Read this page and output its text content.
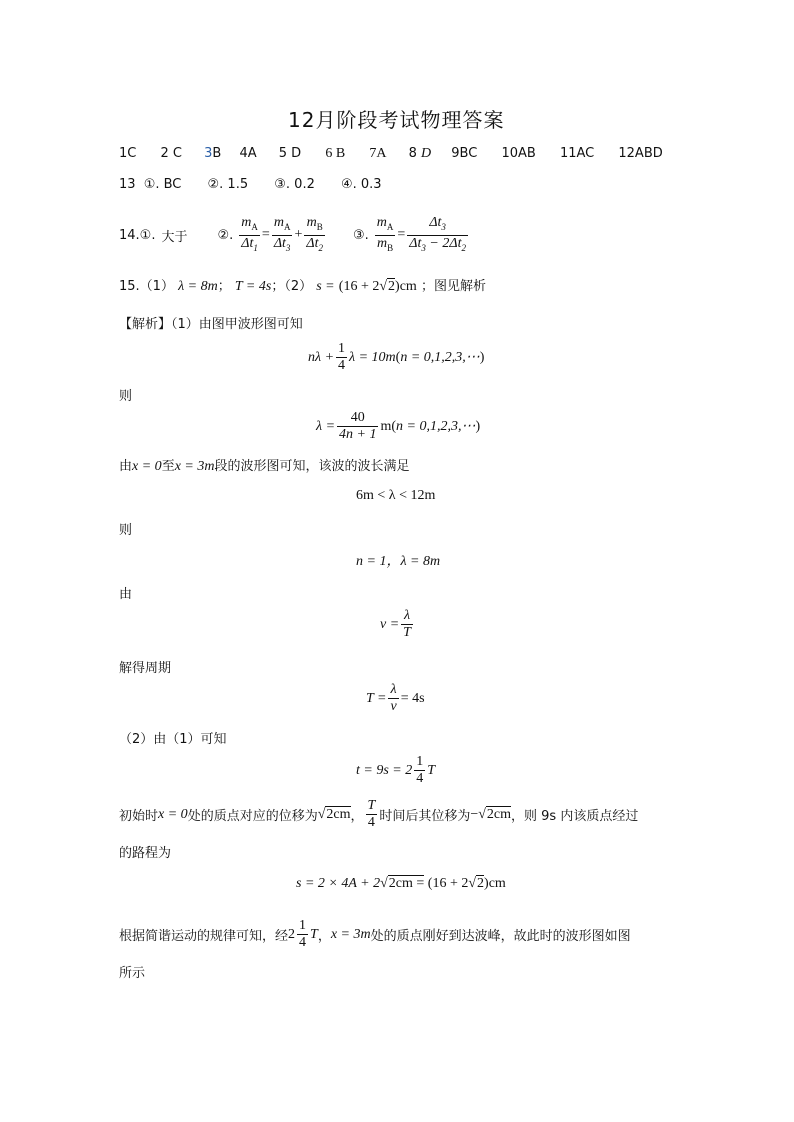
12月阶段考试物理答案
1C 2 C 3B 4A 5 D 6 B 7A 8 D 9BC 10AB 11AC 12ABD
13 ①. BC ②. 1.5 ③. 0.2 ④. 0.3
14.①. 大于 ②. $\frac{m_A}{\Delta t_1} = \frac{m_A}{\Delta t_3} + \frac{m_B}{\Delta t_2}$ ③. $\frac{m_A}{m_B} = \frac{\Delta t_3}{\Delta t_3 - 2\Delta t_2}$
15.（1） λ = 8m； T = 4s；（2） s = (16 + 2√2)cm ；图见解析
【解析】（1）由图甲波形图可知
$n\lambda + \frac{1}{4}$ λ = 10m ( n = 0,1,2,3,⋯ )
则
$\lambda = \frac{40}{4n + 1} m$( n = 0,1,2,3,⋯ )
由x = 0至x = 3m段的波形图可知，该波的波长满足
6m < λ < 12m
则
n = 1，λ = 8m
由
$v = \frac{\lambda}{T}$
解得周期
$T = \frac{\lambda}{v} = 4s$
（2）由（1）可知
$t = 9s = 2 \frac{1}{4}$ T
初始时 x = 0 处的质点对应的位移为 √2cm ， $\frac{T}{4}$ 时间后其位移为 − √2cm ，则 9s 内该质点经过
的路程为
s = 2 × 4A + 2√2cm = (16 + 2√2)cm
根据简谐运动的规律可知，经 $2 \frac{1}{4}$ T ， x = 3m 处的质点刚好到达波峰，故此时的波形图如图
所示
